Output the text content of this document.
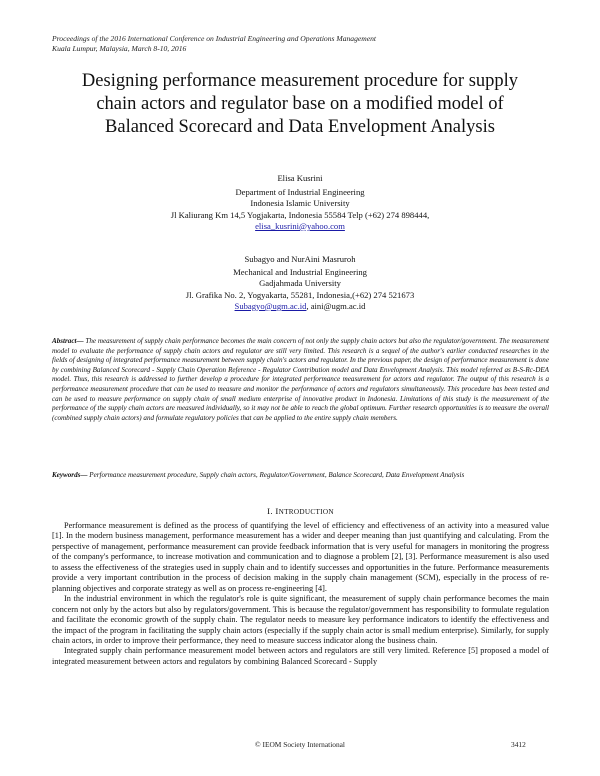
Proceedings of the 2016 International Conference on Industrial Engineering and Operations Management
Kuala Lumpur, Malaysia, March 8-10, 2016
Designing performance measurement procedure for supply
chain actors and regulator base on a modified model of
Balanced Scorecard and Data Envelopment Analysis
Elisa Kusrini
Department of Industrial Engineering
Indonesia Islamic University
Jl Kaliurang Km 14,5 Yogjakarta, Indonesia 55584 Telp (+62) 274 898444,
elisa_kusrini@yahoo.com
Subagyo and NurAini Masruroh
Mechanical and Industrial Engineering
Gadjahmada University
Jl. Grafika No. 2, Yogyakarta, 55281, Indonesia,(+62) 274 521673
Subagyo@ugm.ac.id, aini@ugm.ac.id
Abstract— The measurement of supply chain performance becomes the main concern of not only the supply chain actors but also the regulator/government. The measurement model to evaluate the performance of supply chain actors and regulator are still very limited. This research is a sequel of the author's earlier conducted researches in the fields of designing of integrated performance measurement between supply chain's actors and regulator. In the previous paper, the design of performance measurement is done by combining Balanced Scorecard - Supply Chain Operation Reference - Regulator Contribution model and Data Envelopment Analysis. This model referred as B-S-Rc-DEA model. Thus, this research is addressed to further develop a procedure for integrated performance measurement for actors and regulator. The output of this research is a performance measurement procedure that can be used to measure and monitor the performance of actors and regulators simultaneously. This procedure has been tested and can be used to measure performance on supply chain of small medium enterprise of innovative product in Indonesia. Limitations of this study is the measurement of the performance of the supply chain actors are measured individually, so it may not be able to reach the global optimum. Further research opportunities is to measure the overall (combined supply chain actors) and formulate regulatory policies that can be applied to the entire supply chain members.
Keywords— Performance measurement procedure, Supply chain actors, Regulator/Government, Balance Scorecard, Data Envelopment Analysis
I. INTRODUCTION

Performance measurement is defined as the process of quantifying the level of efficiency and effectiveness of an activity into a measured value [1]. In the modern business management, performance measurement has a wider and deeper meaning than just quantifying and calculating. From the perspective of management, performance measurement can provide feedback information that is very useful for managers in monitoring the progress of the company's performance, to increase motivation and communication and to diagnose a problem [2], [3]. Performance measurement is also used to assess the effectiveness of the strategies used in supply chain and to identify successes and opportunities in the future. Performance measurements provide a very important contribution in the process of decision making in the supply chain management (SCM), especially in the process of re-planning objectives and corporate strategy as well as on process re-engineering [4].

In the industrial environment in which the regulator's role is quite significant, the measurement of supply chain performance becomes the main concern not only by the actors but also by regulators/government. This is because the regulator/government has responsibility to formulate regulation and facilitate the economic growth of the supply chain. The regulator needs to measure key performance indicators to identify the effectiveness and the impact of the program in facilitating the supply chain actors (especially if the supply chain actor is small medium enterprise). Similarly, for supply chain actors, in order to improve their performance, they need to measure success indicator along the business chain.

Integrated supply chain performance measurement model between actors and regulators are still very limited. Reference [5] proposed a model of integrated measurement between actors and regulators by combining Balanced Scorecard - Supply

© IEOM Society International	3412
